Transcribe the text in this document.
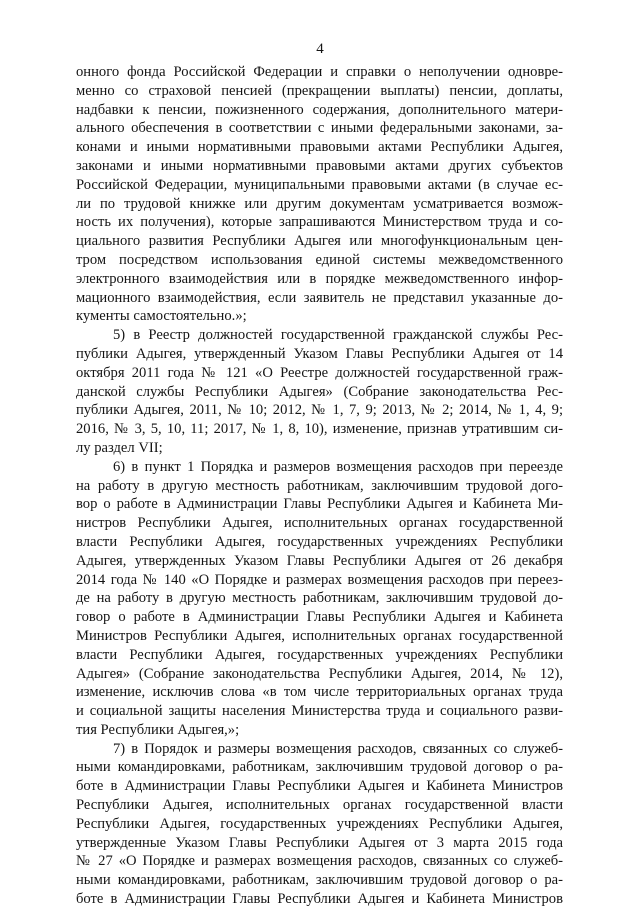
4
онного фонда Российской Федерации и справки о неполучении одновре-
менно со страховой пенсией (прекращении выплаты) пенсии, доплаты,
надбавки к пенсии, пожизненного содержания, дополнительного матери-
ального обеспечения в соответствии с иными федеральными законами, за-
конами и иными нормативными правовыми актами Республики Адыгея,
законами и иными нормативными правовыми актами других субъектов
Российской Федерации, муниципальными правовыми актами (в случае ес-
ли по трудовой книжке или другим документам усматривается возмож-
ность их получения), которые запрашиваются Министерством труда и со-
циального развития Республики Адыгея или многофункциональным цен-
тром посредством использования единой системы межведомственного
электронного взаимодействия или в порядке межведомственного инфор-
мационного взаимодействия, если заявитель не представил указанные до-
кументы самостоятельно.»;
5) в Реестр должностей государственной гражданской службы Рес-
публики Адыгея, утвержденный Указом Главы Республики Адыгея от 14
октября 2011 года № 121 «О Реестре должностей государственной граж-
данской службы Республики Адыгея» (Собрание законодательства Рес-
публики Адыгея, 2011, № 10; 2012, № 1, 7, 9; 2013, № 2; 2014, № 1, 4, 9;
2016, № 3, 5, 10, 11; 2017, № 1, 8, 10), изменение, признав утратившим си-
лу раздел VII;
6) в пункт 1 Порядка и размеров возмещения расходов при переезде
на работу в другую местность работникам, заключившим трудовой дого-
вор о работе в Администрации Главы Республики Адыгея и Кабинета Ми-
нистров Республики Адыгея, исполнительных органах государственной
власти Республики Адыгея, государственных учреждениях Республики
Адыгея, утвержденных Указом Главы Республики Адыгея от 26 декабря
2014 года № 140 «О Порядке и размерах возмещения расходов при переез-
де на работу в другую местность работникам, заключившим трудовой до-
говор о работе в Администрации Главы Республики Адыгея и Кабинета
Министров Республики Адыгея, исполнительных органах государственной
власти Республики Адыгея, государственных учреждениях Республики
Адыгея» (Собрание законодательства Республики Адыгея, 2014, № 12),
изменение, исключив слова «в том числе территориальных органах труда
и социальной защиты населения Министерства труда и социального разви-
тия Республики Адыгея,»;
7) в Порядок и размеры возмещения расходов, связанных со служеб-
ными командировками, работникам, заключившим трудовой договор о ра-
боте в Администрации Главы Республики Адыгея и Кабинета Министров
Республики Адыгея, исполнительных органах государственной власти
Республики Адыгея, государственных учреждениях Республики Адыгея,
утвержденные Указом Главы Республики Адыгея от 3 марта 2015 года
№ 27 «О Порядке и размерах возмещения расходов, связанных со служеб-
ными командировками, работникам, заключившим трудовой договор о ра-
боте в Администрации Главы Республики Адыгея и Кабинета Министров
